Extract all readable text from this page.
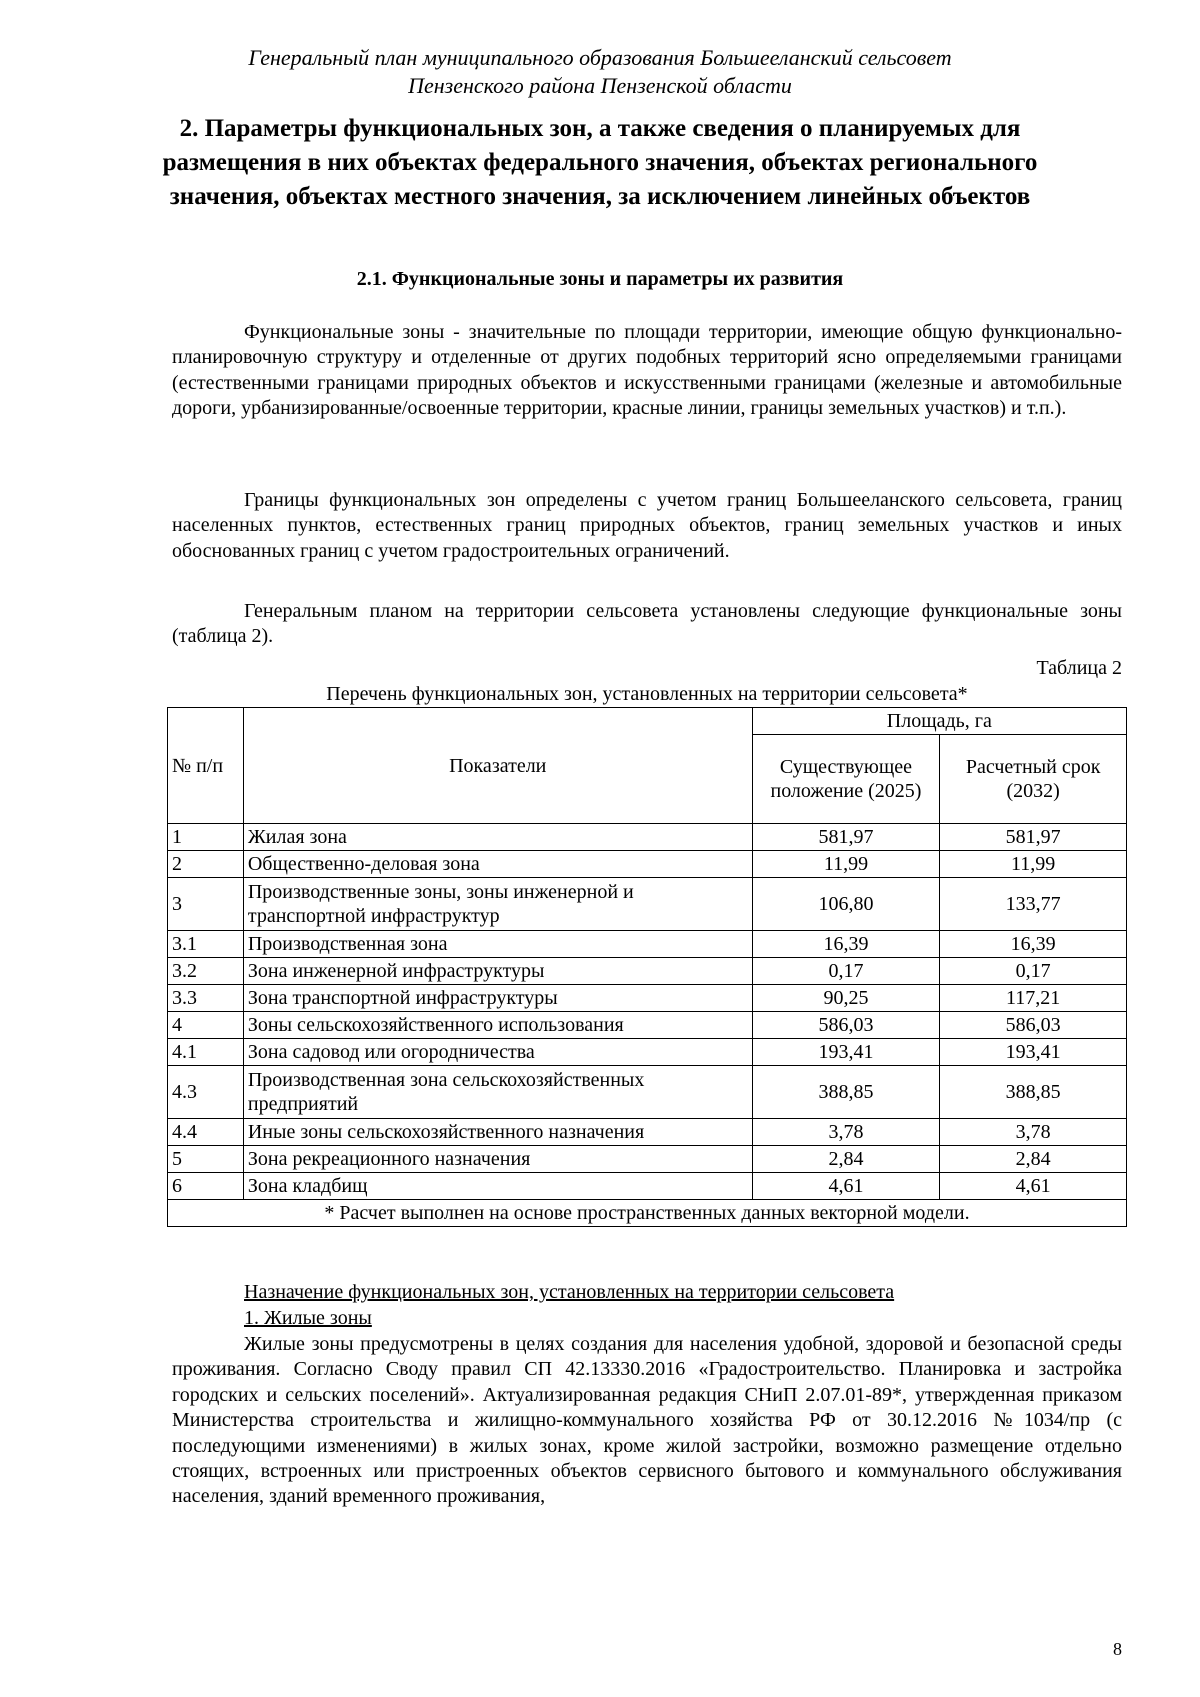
Генеральный план муниципального образования Большееланский сельсовет
Пензенского района Пензенской области
2. Параметры функциональных зон, а также сведения о планируемых для размещения в них объектах федерального значения, объектах регионального значения, объектах местного значения, за исключением линейных объектов
2.1. Функциональные зоны и параметры их развития

Функциональные зоны - значительные по площади территории, имеющие общую функционально-планировочную структуру и отделенные от других подобных территорий ясно определяемыми границами (естественными границами природных объектов и искусственными границами (железные и автомобильные дороги, урбанизированные/освоенные территории, красные линии, границы земельных участков) и т.п.).

Границы функциональных зон определены с учетом границ Большееланского сельсовета, границ населенных пунктов, естественных границ природных объектов, границ земельных участков и иных обоснованных границ с учетом градостроительных ограничений.

Генеральным планом на территории сельсовета установлены следующие функциональные зоны (таблица 2).

Таблица 2
Перечень функциональных зон, установленных на территории сельсовета*
№ п/п	Показатели	Площадь, га	
		Существующее положение (2025)	Расчетный срок (2032)
1	Жилая зона	581,97	581,97
2	Общественно-деловая зона	11,99	11,99
3	Производственные зоны, зоны инженерной и транспортной инфраструктур	106,80	133,77
3.1	Производственная зона	16,39	16,39
3.2	Зона инженерной инфраструктуры	0,17	0,17
3.3	Зона транспортной инфраструктуры	90,25	117,21
4	Зоны сельскохозяйственного использования	586,03	586,03
4.1	Зона садовод или огородничества	193,41	193,41
4.3	Производственная зона сельскохозяйственных предприятий	388,85	388,85
4.4	Иные зоны сельскохозяйственного назначения	3,78	3,78
5	Зона рекреационного назначения	2,84	2,84
6	Зона кладбищ	4,61	4,61
* Расчет выполнен на основе пространственных данных векторной модели.			
Назначение функциональных зон, установленных на территории сельсовета
1. Жилые зоны

Жилые зоны предусмотрены в целях создания для населения удобной, здоровой и безопасной среды проживания. Согласно Своду правил СП 42.13330.2016 «Градостроительство. Планировка и застройка городских и сельских поселений». Актуализированная редакция СНиП 2.07.01-89*, утвержденная приказом Министерства строительства и жилищно-коммунального хозяйства РФ от 30.12.2016 №1034/пр (с последующими изменениями) в жилых зонах, кроме жилой застройки, возможно размещение отдельно стоящих, встроенных или пристроенных объектов сервисного бытового и коммунального обслуживания населения, зданий временного проживания,

8
